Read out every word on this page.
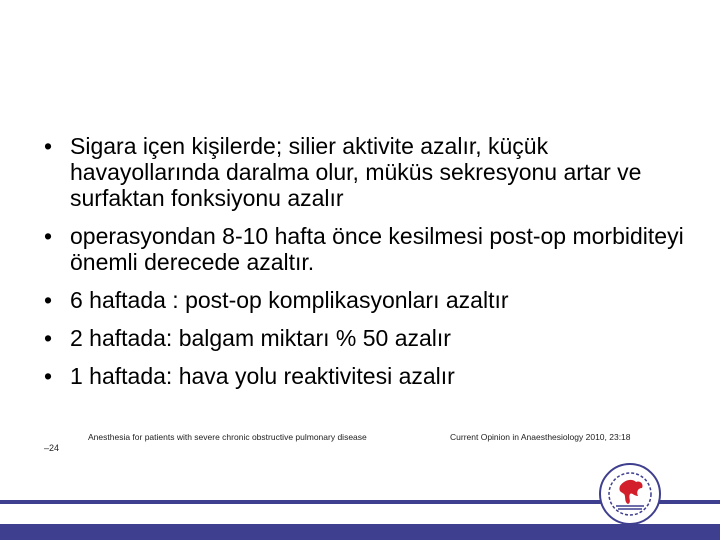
• Sigara içen kişilerde; silier aktivite azalır, küçük havayollarında daralma olur, müküs sekresyonu artar ve surfaktan fonksiyonu azalır
• operasyondan 8-10 hafta önce kesilmesi post-op morbiditeyi önemli derecede azaltır.
• 6 haftada : post-op komplikasyonları azaltır
• 2 haftada: balgam miktarı % 50 azalır
• 1 haftada: hava yolu reaktivitesi azalır
Anesthesia for patients with severe chronic obstructive pulmonary disease	Current Opinion in Anaesthesiology 2010, 23:18
–24
